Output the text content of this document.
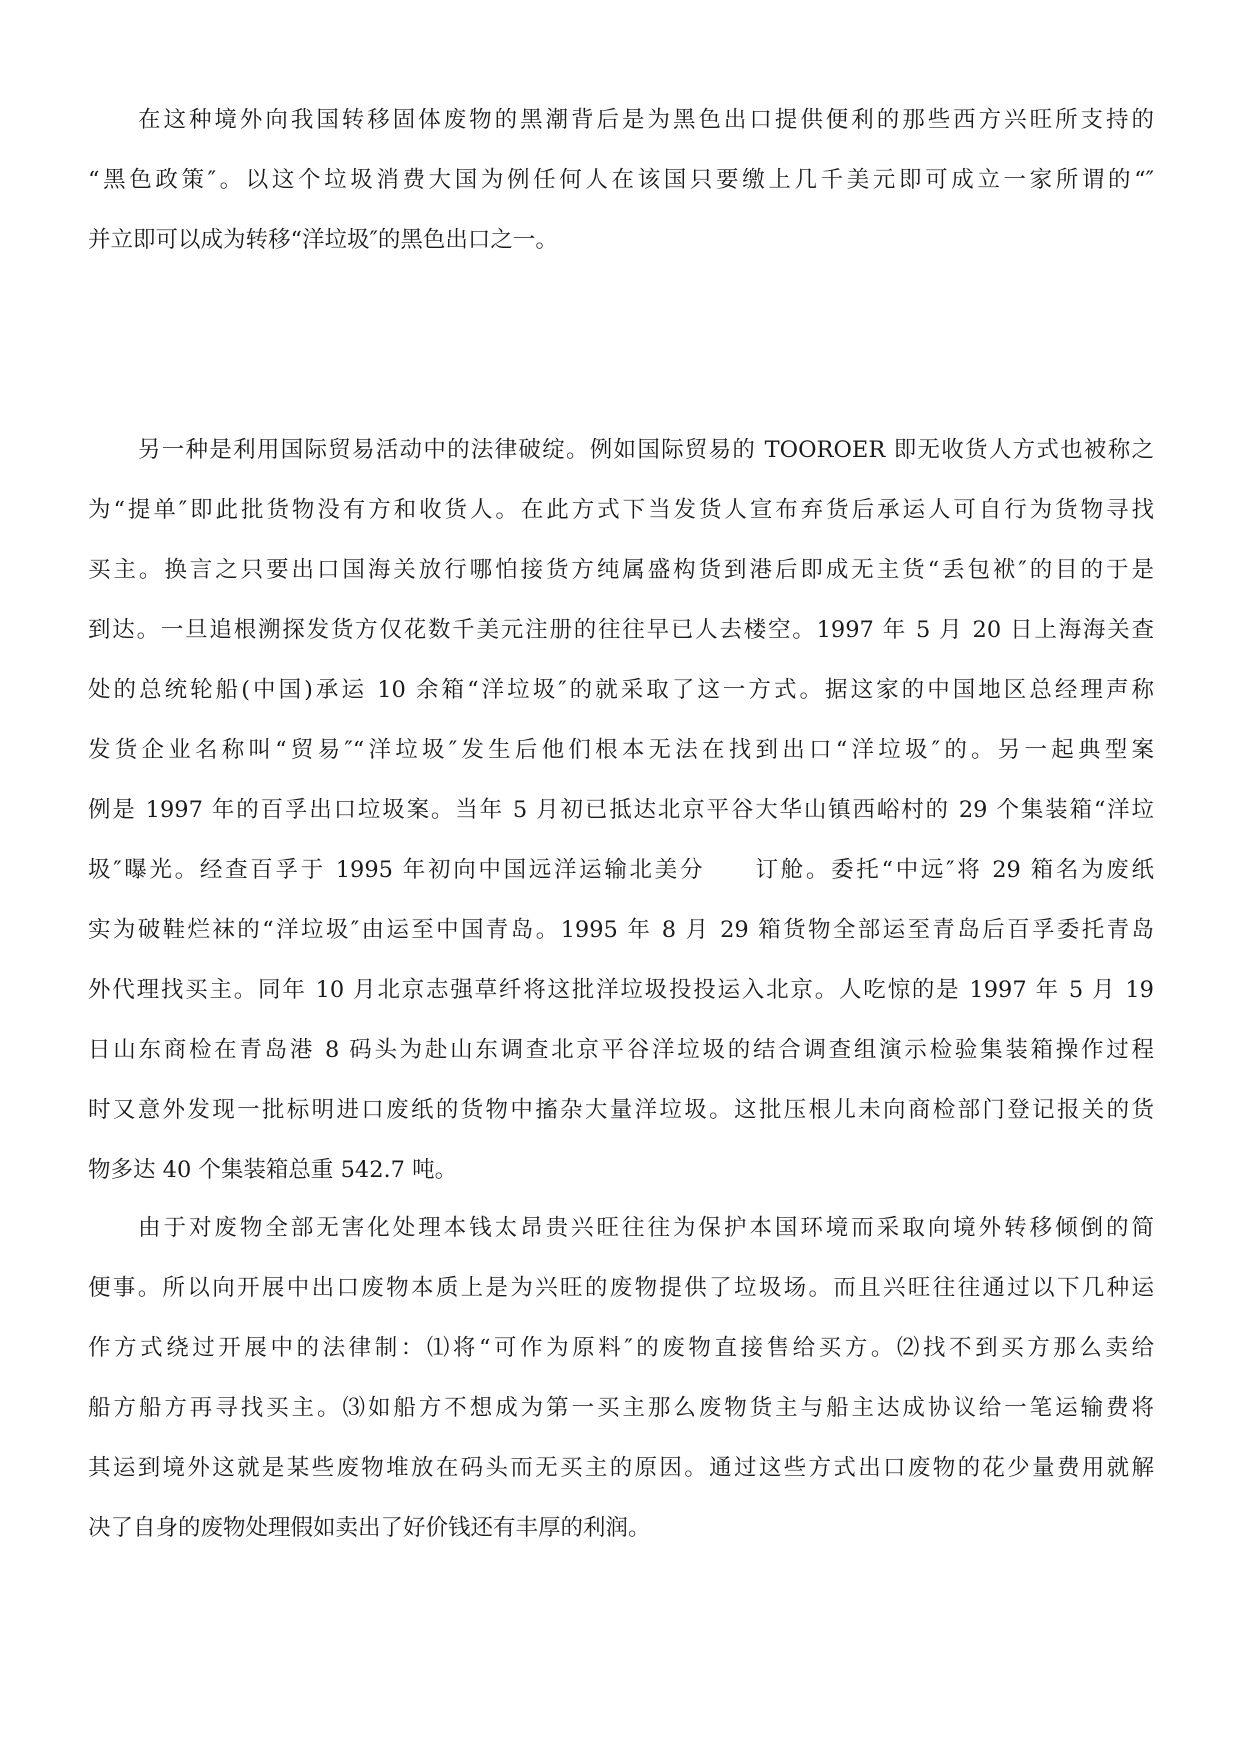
在这种境外向我国转移固体废物的黑潮背后是为黑色出口提供便利的那些西方兴旺所支持的
“黑色政策″。以这个垃圾消费大国为例任何人在该国只要缴上几千美元即可成立一家所谓的“″
并立即可以成为转移“洋垃圾″的黑色出口之一。
另一种是利用国际贸易活动中的法律破绽。例如国际贸易的 TOOROER 即无收货人方式也被称之
为“提单″即此批货物没有方和收货人。在此方式下当发货人宣布弃货后承运人可自行为货物寻找
买主。换言之只要出口国海关放行哪怕接货方纯属盛构货到港后即成无主货“丢包袱″的目的于是
到达。一旦追根溯探发货方仅花数千美元注册的往往早已人去楼空。1997 年 5 月 20 日上海海关查
处的总统轮船(中国)承运 10 余箱“洋垃圾″的就采取了这一方式。据这家的中国地区总经理声称
发货企业名称叫“贸易″“洋垃圾″发生后他们根本无法在找到出口“洋垃圾″的。另一起典型案
例是 1997 年的百孚出口垃圾案。当年 5 月初已抵达北京平谷大华山镇西峪村的 29 个集装箱“洋垃
圾″曝光。经查百孚于 1995 年初向中国远洋运输北美分　　订舱。委托“中远″将 29 箱名为废纸
实为破鞋烂袜的“洋垃圾″由运至中国青岛。1995 年 8 月 29 箱货物全部运至青岛后百孚委托青岛
外代理找买主。同年 10 月北京志强草纤将这批洋垃圾投投运入北京。人吃惊的是 1997 年 5 月 19
日山东商检在青岛港 8 码头为赴山东调查北京平谷洋垃圾的结合调查组演示检验集装箱操作过程
时又意外发现一批标明进口废纸的货物中搐杂大量洋垃圾。这批压根儿未向商检部门登记报关的货
物多达 40 个集装箱总重 542.7 吨。
由于对废物全部无害化处理本钱太昂贵兴旺往往为保护本国环境而采取向境外转移倾倒的简
便事。所以向开展中出口废物本质上是为兴旺的废物提供了垃圾场。而且兴旺往往通过以下几种运
作方式绕过开展中的法律制：⑴将“可作为原料″的废物直接售给买方。⑵找不到买方那么卖给
船方船方再寻找买主。⑶如船方不想成为第一买主那么废物货主与船主达成协议给一笔运输费将
其运到境外这就是某些废物堆放在码头而无买主的原因。通过这些方式出口废物的花少量费用就解
决了自身的废物处理假如卖出了好价钱还有丰厚的利润。
